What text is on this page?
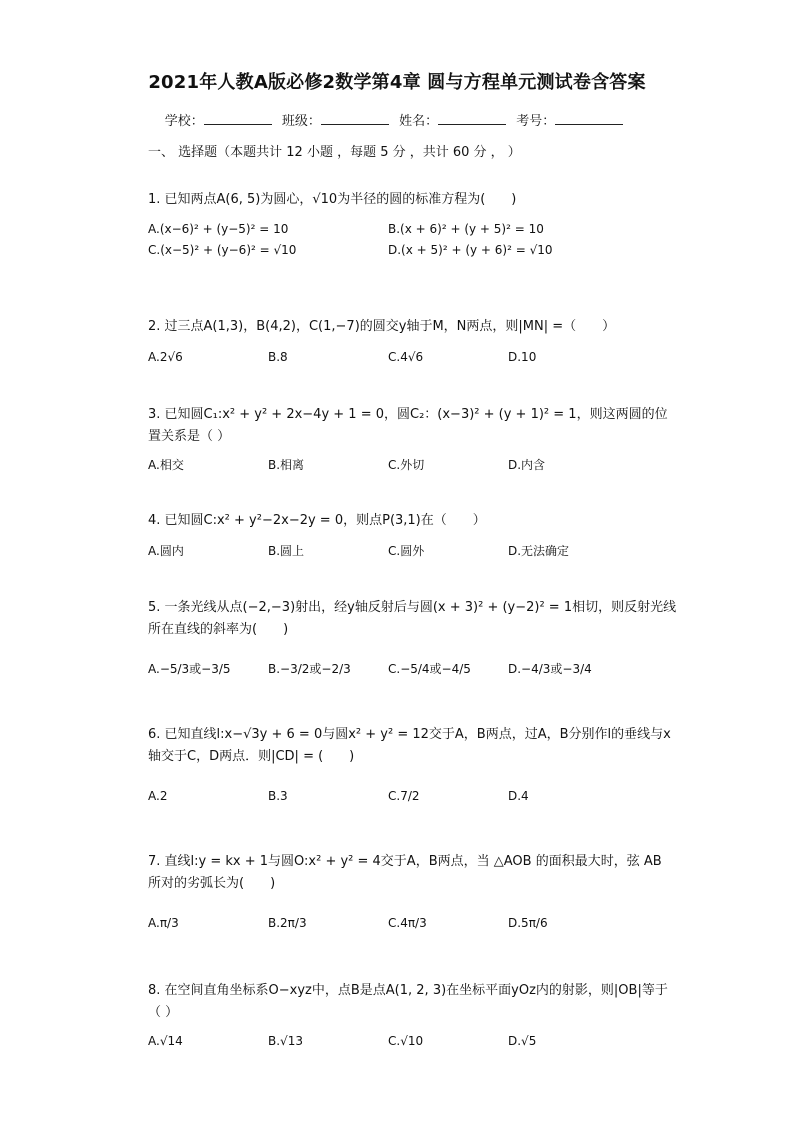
2021年人教A版必修2数学第4章 圆与方程单元测试卷含答案
学校：	班级：	姓名：	考号：
一、 选择题（本题共计 12 小题 ，每题 5 分 ，共计 60 分 ， ）
1. 已知两点A(6, 5)为圆心，√10为半径的圆的标准方程为(　　)
A.(x−6)² + (y−5)² = 10	B.(x + 6)² + (y + 5)² = 10
C.(x−5)² + (y−6)² = √10	D.(x + 5)² + (y + 6)² = √10
2. 过三点A(1,3)，B(4,2)，C(1,−7)的圆交y轴于M，N两点，则|MN| =（　　）
A.2√6	B.8	C.4√6	D.10
3. 已知圆C₁:x² + y² + 2x−4y + 1 = 0，圆C₂：(x−3)² + (y + 1)² = 1，则这两圆的位置关系是（ ）
A.相交	B.相离	C.外切	D.内含
4. 已知圆C:x² + y²−2x−2y = 0，则点P(3,1)在（　　）
A.圆内	B.圆上	C.圆外	D.无法确定
5. 一条光线从点(−2,−3)射出，经y轴反射后与圆(x + 3)² + (y−2)² = 1相切，则反射光线所在直线的斜率为(　　)
A.−5/3或−3/5	B.−3/2或−2/3	C.−5/4或−4/5	D.−4/3或−3/4
6. 已知直线l:x−√3y + 6 = 0与圆x² + y² = 12交于A，B两点，过A，B分别作l的垂线与x轴交于C，D两点．则|CD| = (　　)
A.2	B.3	C.7/2	D.4
7. 直线l:y = kx + 1与圆O:x² + y² = 4交于A，B两点，当 △AOB 的面积最大时，弦 AB 所对的劣弧长为(　　)
A.π/3	B.2π/3	C.4π/3	D.5π/6
8. 在空间直角坐标系O−xyz中，点B是点A(1, 2, 3)在坐标平面yOz内的射影，则|OB|等于（ ）
A.√14	B.√13	C.√10	D.√5
